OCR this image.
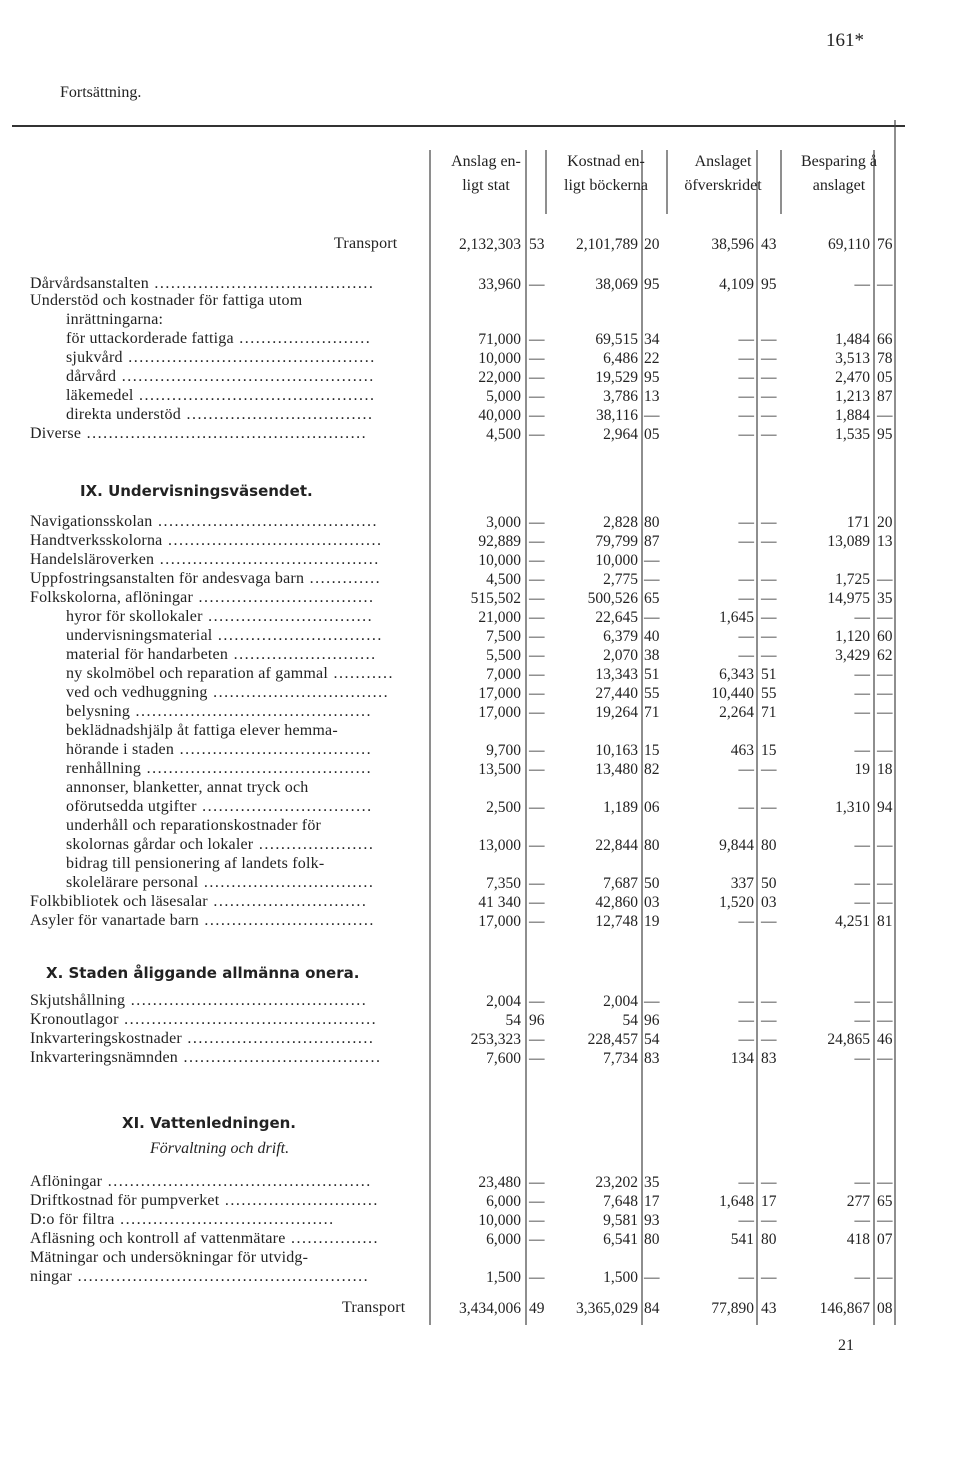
161*
Fortsättning.
Anslag en-
ligt stat
Kostnad en-
ligt böckerna
Anslaget
öfverskridet
Besparing å
anslaget
Transport	2,132,303 53	2,101,789 20	38,596 43	69,110 76
Dårvårdsanstalten ........................................	33,960 —	38,069 95	4,109 95	— —
Understöd och kostnader för fattiga utom
inrättningarna:
för uttackorderade fattiga ........................	71,000 —	69,515 34	— —	1,484 66
sjukvård .............................................	10,000 —	6,486 22	— —	3,513 78
dårvård ..............................................	22,000 —	19,529 95	— —	2,470 05
läkemedel ...........................................	5,000 —	3,786 13	— —	1,213 87
direkta understöd ..................................	40,000 —	38,116 —	— —	1,884 —
Diverse ...................................................	4,500 —	2,964 05	— —	1,535 95
Navigationsskolan ........................................	3,000 —	2,828 80	— —	171 20
Handtverksskolorna .......................................	92,889 —	79,799 87	— —	13,089 13
Handelsläroverken ........................................	10,000 —	10,000 —
Uppfostringsanstalten för andesvaga barn .............	4,500 —	2,775 —	— —	1,725 —
Folkskolorna, aflöningar ................................	515,502 —	500,526 65	— —	14,975 35
hyror för skollokaler ..............................	21,000 —	22,645 —	1,645 —	— —
undervisningsmaterial ..............................	7,500 —	6,379 40	— —	1,120 60
material för handarbeten ..........................	5,500 —	2,070 38	— —	3,429 62
ny skolmöbel och reparation af gammal ...........	7,000 —	13,343 51	6,343 51	— —
ved och vedhuggning ................................	17,000 —	27,440 55	10,440 55	— —
belysning ...........................................	17,000 —	19,264 71	2,264 71	— —
beklädnadshjälp åt fattiga elever hemma-
hörande i staden ...................................	9,700 —	10,163 15	463 15	— —
renhållning .........................................	13,500 —	13,480 82	— —	19 18
annonser, blanketter, annat tryck och
oförutsedda utgifter ...............................	2,500 —	1,189 06	— —	1,310 94
underhåll och reparationskostnader för
skolornas gårdar och lokaler .....................	13,000 —	22,844 80	9,844 80	— —
bidrag till pensionering af landets folk-
skolelärare personal ...............................	7,350 —	7,687 50	337 50	— —
Folkbibliotek och läsesalar ............................	41 340 —	42,860 03	1,520 03	— —
Asyler för vanartade barn ...............................	17,000 —	12,748 19	— —	4,251 81
Skjutshållning ...........................................	2,004 —	2,004 —	— —	— —
Kronoutlagor ..............................................	54 96	54 96	— —	— —
Inkvarteringskostnader ..................................	253,323 —	228,457 54	— —	24,865 46
Inkvarteringsnämnden ....................................	7,600 —	7,734 83	134 83	— —
Aflöningar ................................................	23,480 —	23,202 35	— —	— —
Driftkostnad för pumpverket ............................	6,000 —	7,648 17	1,648 17	277 65
D:o för filtra .......................................	10,000 —	9,581 93	— —	— —
Afläsning och kontroll af vattenmätare ................	6,000 —	6,541 80	541 80	418 07
Mätningar och undersökningar för utvidg-
ningar .....................................................	1,500 —	1,500 —	— —	— —
Transport	3,434,006 49	3,365,029 84	77,890 43	146,867 08
IX. Undervisningsväsendet.
X. Staden åliggande allmänna onera.
XI. Vattenledningen.
Förvaltning och drift.
21
